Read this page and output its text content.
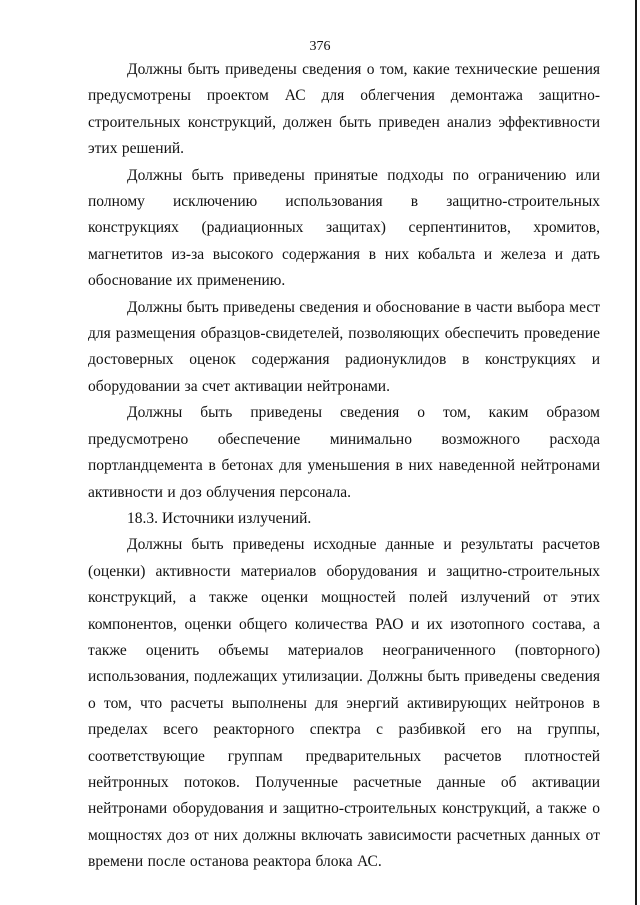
376

Должны быть приведены сведения о том, какие технические решения предусмотрены проектом АС для облегчения демонтажа защитно-строительных конструкций, должен быть приведен анализ эффективности этих решений.

Должны быть приведены принятые подходы по ограничению или полному исключению использования в защитно-строительных конструкциях (радиационных защитах) серпентинитов, хромитов, магнетитов из-за высокого содержания в них кобальта и железа и дать обоснование их применению.

Должны быть приведены сведения и обоснование в части выбора мест для размещения образцов-свидетелей, позволяющих обеспечить проведение достоверных оценок содержания радионуклидов в конструкциях и оборудовании за счет активации нейтронами.

Должны быть приведены сведения о том, каким образом предусмотрено обеспечение минимально возможного расхода портландцемента в бетонах для уменьшения в них наведенной нейтронами активности и доз облучения персонала.

18.3. Источники излучений.

Должны быть приведены исходные данные и результаты расчетов (оценки) активности материалов оборудования и защитно-строительных конструкций, а также оценки мощностей полей излучений от этих компонентов, оценки общего количества РАО и их изотопного состава, а также оценить объемы материалов неограниченного (повторного) использования, подлежащих утилизации. Должны быть приведены сведения о том, что расчеты выполнены для энергий активирующих нейтронов в пределах всего реакторного спектра с разбивкой его на группы, соответствующие группам предварительных расчетов плотностей нейтронных потоков. Полученные расчетные данные об активации нейтронами оборудования и защитно-строительных конструкций, а также о мощностях доз от них должны включать зависимости расчетных данных от времени после останова реактора блока АС.
